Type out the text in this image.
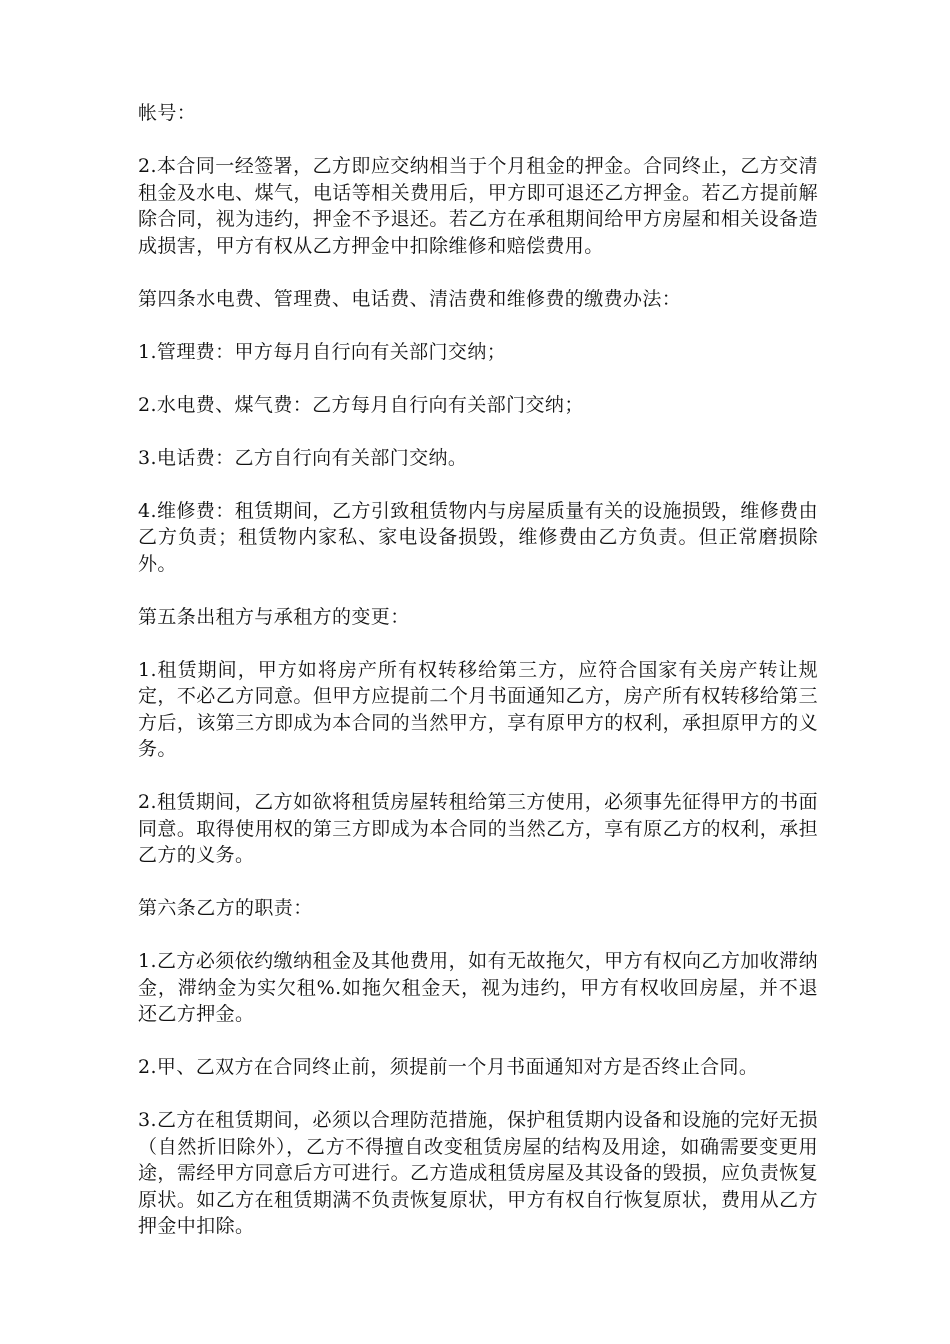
帐号：

2.本合同一经签署，乙方即应交纳相当于个月租金的押金。合同终止，乙方交清租金及水电、煤气，电话等相关费用后，甲方即可退还乙方押金。若乙方提前解除合同，视为违约，押金不予退还。若乙方在承租期间给甲方房屋和相关设备造成损害，甲方有权从乙方押金中扣除维修和赔偿费用。

第四条水电费、管理费、电话费、清洁费和维修费的缴费办法：

1.管理费：甲方每月自行向有关部门交纳；

2.水电费、煤气费：乙方每月自行向有关部门交纳；

3.电话费：乙方自行向有关部门交纳。

4.维修费：租赁期间，乙方引致租赁物内与房屋质量有关的设施损毁，维修费由乙方负责；租赁物内家私、家电设备损毁，维修费由乙方负责。但正常磨损除外。

第五条出租方与承租方的变更：

1.租赁期间，甲方如将房产所有权转移给第三方，应符合国家有关房产转让规定，不必乙方同意。但甲方应提前二个月书面通知乙方，房产所有权转移给第三方后，该第三方即成为本合同的当然甲方，享有原甲方的权利，承担原甲方的义务。

2.租赁期间，乙方如欲将租赁房屋转租给第三方使用，必须事先征得甲方的书面同意。取得使用权的第三方即成为本合同的当然乙方，享有原乙方的权利，承担乙方的义务。

第六条乙方的职责：

1.乙方必须依约缴纳租金及其他费用，如有无故拖欠，甲方有权向乙方加收滞纳金，滞纳金为实欠租%.如拖欠租金天，视为违约，甲方有权收回房屋，并不退还乙方押金。

2.甲、乙双方在合同终止前，须提前一个月书面通知对方是否终止合同。

3.乙方在租赁期间，必须以合理防范措施，保护租赁期内设备和设施的完好无损（自然折旧除外），乙方不得擅自改变租赁房屋的结构及用途，如确需要变更用途，需经甲方同意后方可进行。乙方造成租赁房屋及其设备的毁损，应负责恢复原状。如乙方在租赁期满不负责恢复原状，甲方有权自行恢复原状，费用从乙方押金中扣除。
